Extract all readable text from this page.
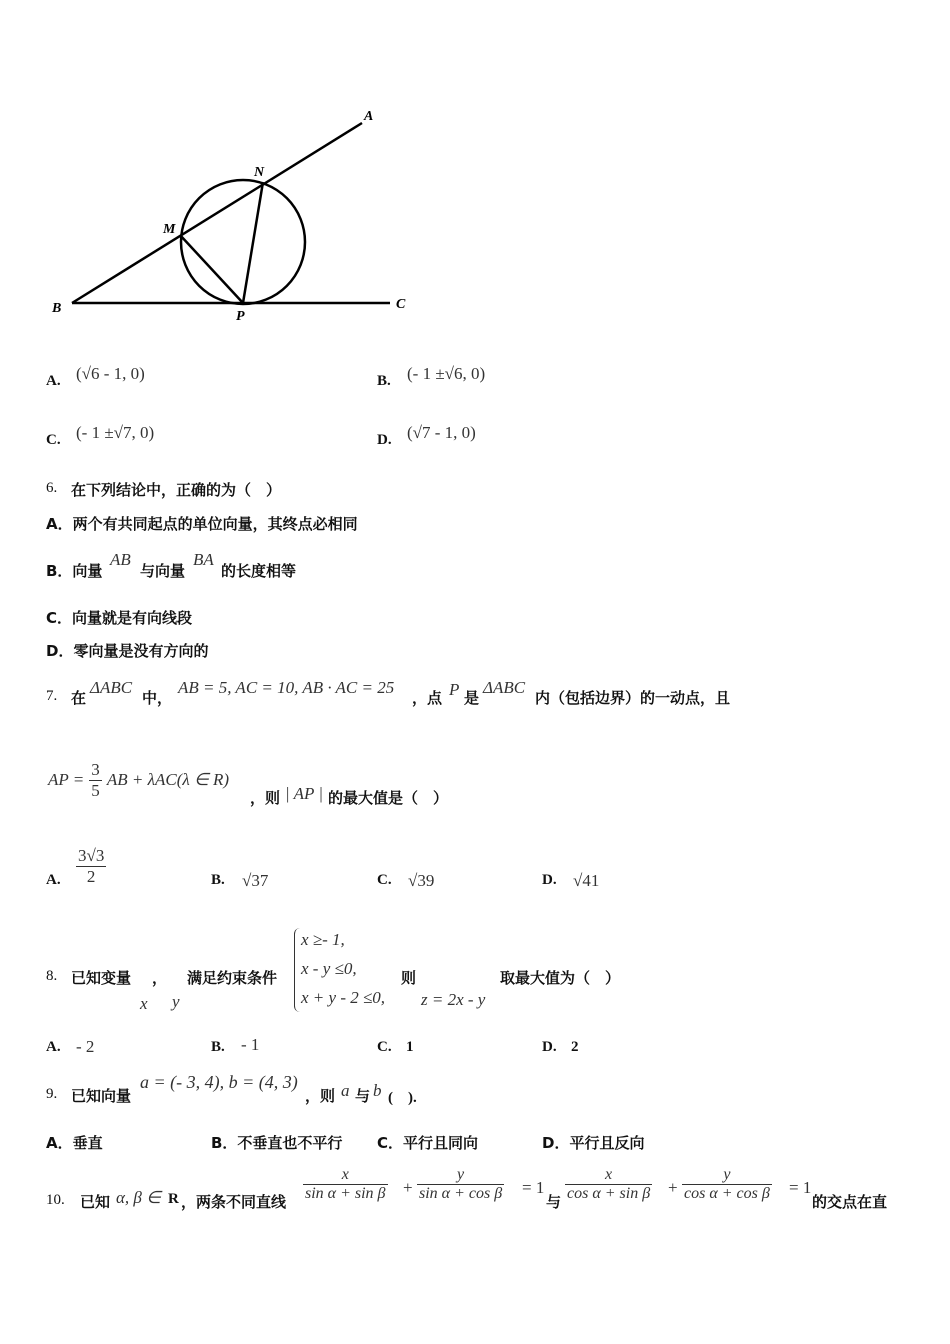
A
N
M
B
P
C
A. (√6 - 1, 0)	B. (- 1 ±√6, 0)
C. (- 1 ±√7, 0)	D. (√7 - 1, 0)
6. 在下列结论中，正确的为（　）
A．两个有共同起点的单位向量，其终点必相同
B．向量
AB
与向量
BA
的长度相等
C．向量就是有向线段
D．零向量是没有方向的
7. 在
ΔABC
中，
AB = 5, AC = 10, AB · AC = 25
，点 P 是
ΔABC
内（包括边界）的一动点，且
AP = $\frac{3}{5}$ AB + λAC(λ ∈ R)
，则 | AP | 的最大值是（　）
A. $\frac{3√3}{2}$	B. √37	C. √39	D. √41
8. 已知变量 ，
x y
满足约束条件
x ≥- 1,
x - y ≤0,
x + y - 2 ≤0,
则
z = 2x - y
取最大值为（　）
A. - 2	B. - 1	C. 1	D. 2
9. 已知向量
a = (- 3, 4), b = (4, 3)
，则 a 与 b (　).
A．垂直	B．不垂直也不平行 C．平行且同向	D．平行且反向
10. 已知 α, β ∈ R ，两条不同直线 $\frac{x}{\text{sin α + sin β}} + \frac{y}{\text{sin α + cos β}} = 1$
与 $\frac{x}{\text{cos α + sin β}} + \frac{y}{\text{cos α + cos β}} = 1$
的交点在直
